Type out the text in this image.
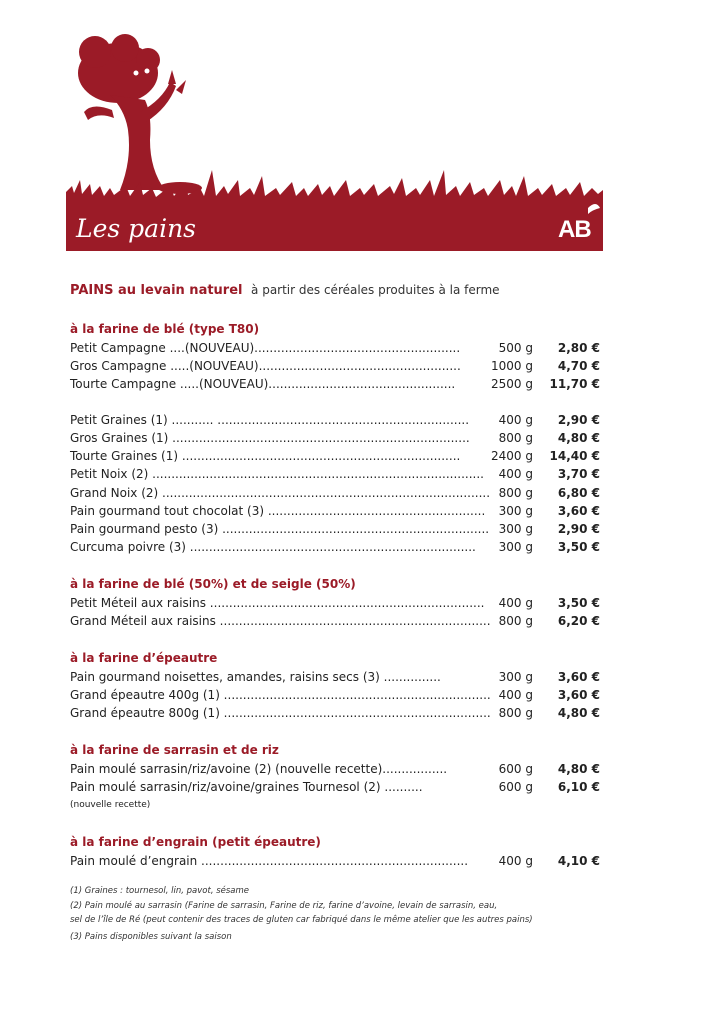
Les pains	AB
PAINS au levain naturel à partir des céréales produites à la ferme
à la farine de blé (type T80)
Petit Campagne ....(NOUVEAU)......................................................	500 g 2,80 €
Gros Campagne .....(NOUVEAU).....................................................	1000 g 4,70 €
Tourte Campagne .....(NOUVEAU).................................................	2500 g 11,70 €
Petit Graines (1) ........... .................................................................. 400 g 2,90 €
Gros Graines (1) .............................................................................. 800 g 4,80 €
Tourte Graines (1) .........................................................................	2400 g 14,40 €
Petit Noix (2) ....................................................................................... 400 g 3,70 €
Grand Noix (2) ...................................................................................... 800 g 6,80 €
Pain gourmand tout chocolat (3) ......................................................... 300 g 3,60 €
Pain gourmand pesto (3) ...................................................................... 300 g 2,90 €
Curcuma poivre (3) ........................................................................... 300 g 3,50 €
à la farine de blé (50%) et de seigle (50%)
Petit Méteil aux raisins ........................................................................ 400 g 3,50 €
Grand Méteil aux raisins ....................................................................... 800 g 6,20 €
à la farine d’épeautre
Pain gourmand noisettes, amandes, raisins secs (3) ...............	300 g 3,60 €
Grand épeautre 400g (1) ...................................................................... 400 g 3,60 €
Grand épeautre 800g (1) ...................................................................... 800 g 4,80 €
à la farine de sarrasin et de riz
Pain moulé sarrasin/riz/avoine (2) (nouvelle recette).................	600 g 4,80 €
Pain moulé sarrasin/riz/avoine/graines Tournesol (2) ..........	600 g 6,10 €
(nouvelle recette)
à la farine d’engrain (petit épeautre)
Pain moulé d’engrain ......................................................................	400 g 4,10 €
(1) Graines : tournesol, lin, pavot, sésame
(2) Pain moulé au sarrasin (Farine de sarrasin, Farine de riz, farine d’avoine, levain de sarrasin, eau,
sel de l’île de Ré (peut contenir des traces de gluten car fabriqué dans le même atelier que les autres pains)
(3) Pains disponibles suivant la saison
